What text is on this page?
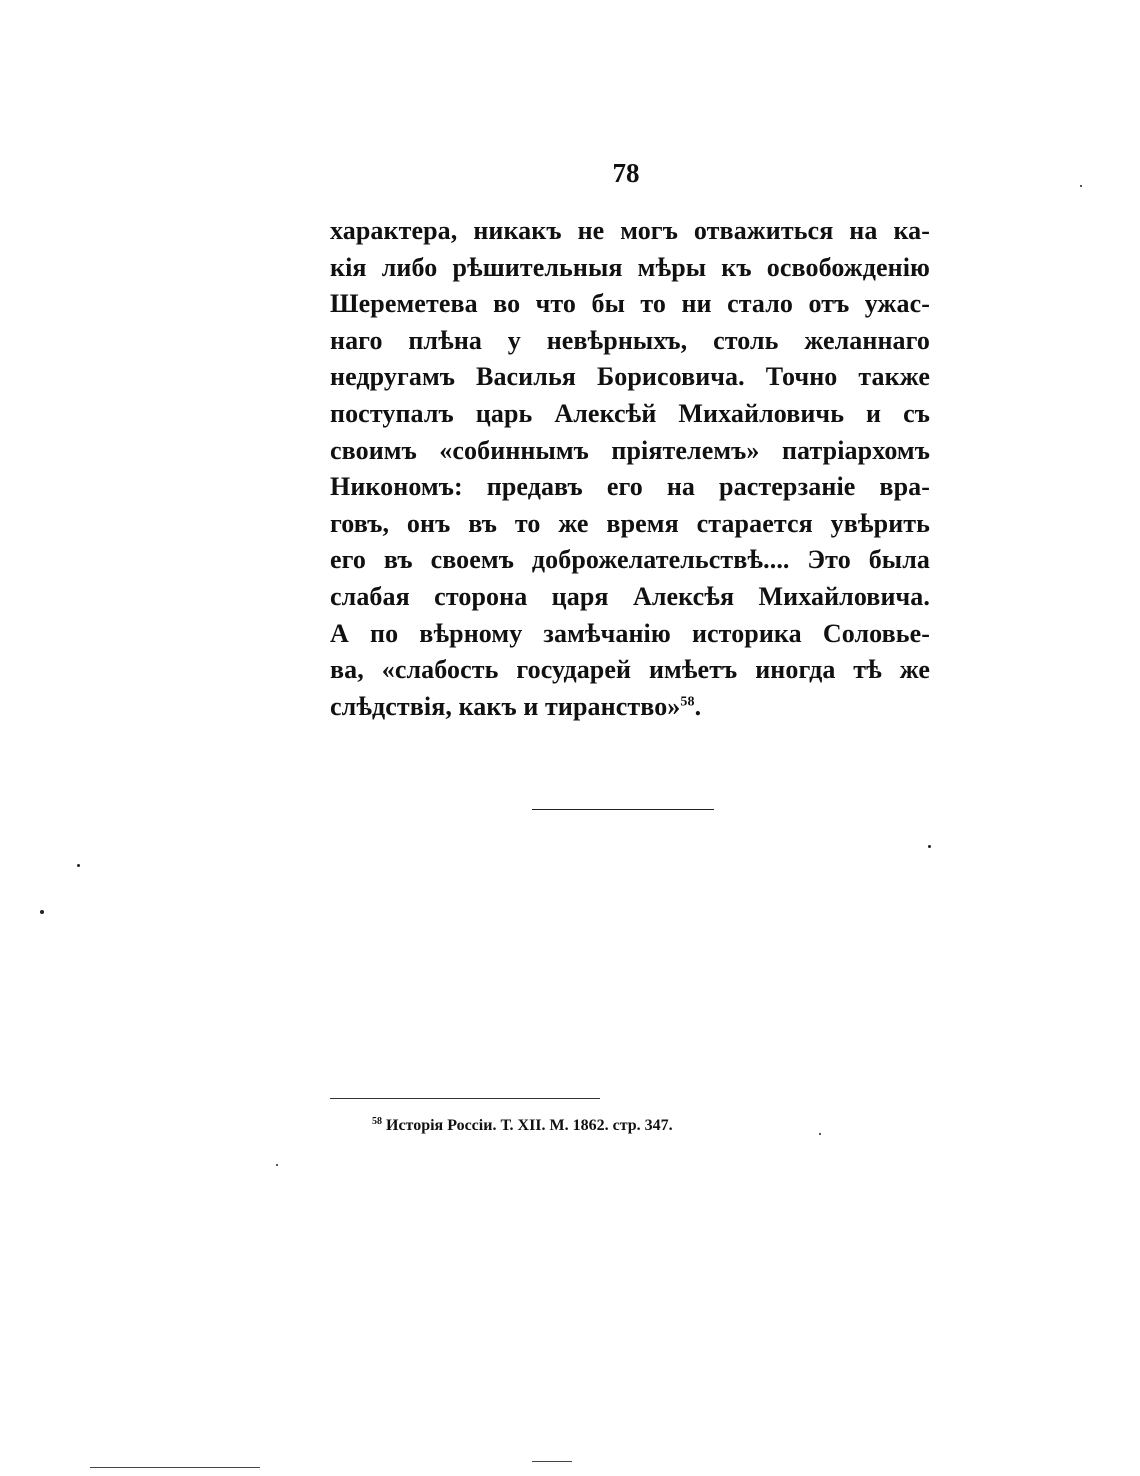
78
характера, никакъ не могъ отважиться на ка-
кія либо рѣшительныя мѣры къ освобожденію
Шереметева во что бы то ни стало отъ ужас-
наго плѣна у невѣрныхъ, столь желаннаго
недругамъ Василья Борисовича. Точно также
поступалъ царь Алексѣй Михайловичь и съ
своимъ «собиннымъ пріятелемъ» патріархомъ
Никономъ: предавъ его на растерзаніе вра-
говъ, онъ въ то же время старается увѣрить
его въ своемъ доброжелательствѣ.... Это была
слабая сторона царя Алексѣя Михайловича.
А по вѣрному замѣчанію историка Соловье-
ва, «слабость государей имѣетъ иногда тѣ же
слѣдствія, какъ и тиранство»$^{58}$.
$^{58}$ Исторія Россіи. Т. XII. М. 1862. стр. 347.
